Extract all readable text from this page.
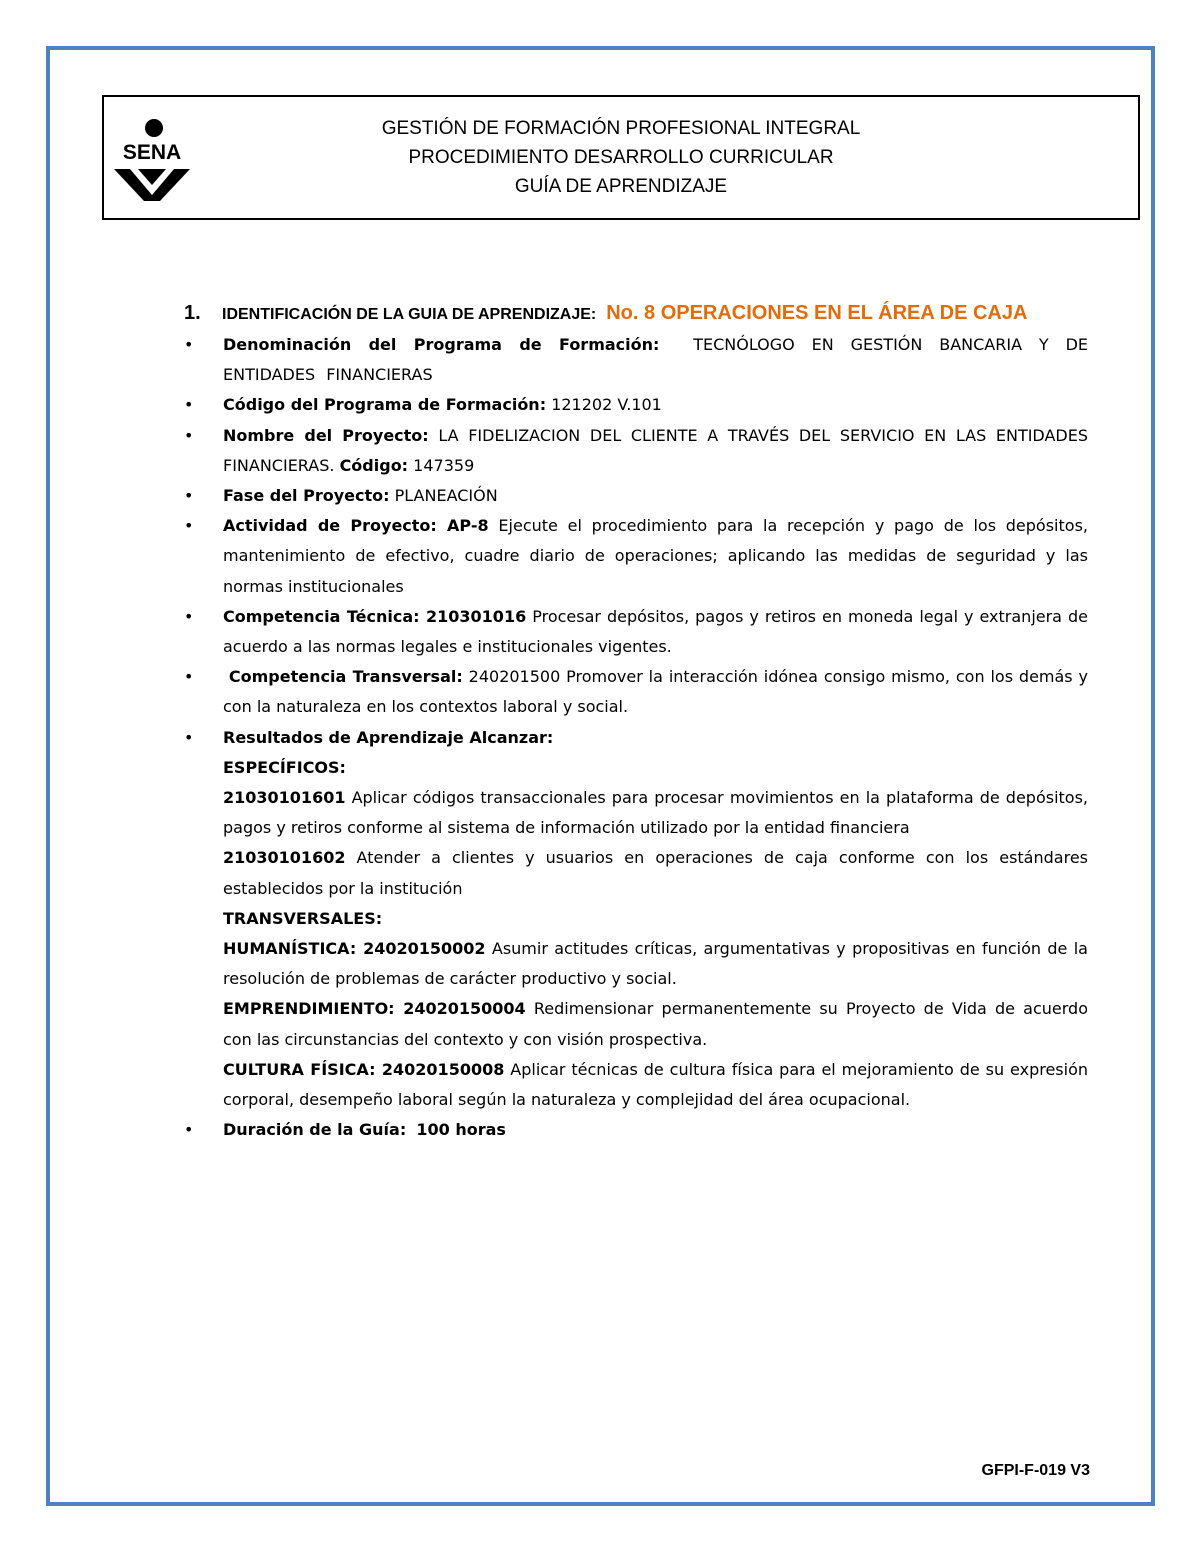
SENA
GESTIÓN DE FORMACIÓN PROFESIONAL INTEGRAL
PROCEDIMIENTO DESARROLLO CURRICULAR
GUÍA DE APRENDIZAJE
1. IDENTIFICACIÓN DE LA GUIA DE APRENDIZAJE: No. 8 OPERACIONES EN EL ÁREA DE CAJA
• Denominación del Programa de Formación: TECNÓLOGO EN GESTIÓN BANCARIA Y DE ENTIDADES FINANCIERAS
• Código del Programa de Formación: 121202 V.101
• Nombre del Proyecto: LA FIDELIZACION DEL CLIENTE A TRAVÉS DEL SERVICIO EN LAS ENTIDADES FINANCIERAS. Código: 147359
• Fase del Proyecto: PLANEACIÓN
• Actividad de Proyecto: AP-8 Ejecute el procedimiento para la recepción y pago de los depósitos, mantenimiento de efectivo, cuadre diario de operaciones; aplicando las medidas de seguridad y las normas institucionales
• Competencia Técnica: 210301016 Procesar depósitos, pagos y retiros en moneda legal y extranjera de acuerdo a las normas legales e institucionales vigentes.
• Competencia Transversal: 240201500 Promover la interacción idónea consigo mismo, con los demás y con la naturaleza en los contextos laboral y social.
• Resultados de Aprendizaje Alcanzar:
ESPECÍFICOS:
21030101601 Aplicar códigos transaccionales para procesar movimientos en la plataforma de depósitos, pagos y retiros conforme al sistema de información utilizado por la entidad financiera
21030101602 Atender a clientes y usuarios en operaciones de caja conforme con los estándares establecidos por la institución
TRANSVERSALES:
HUMANÍSTICA: 24020150002 Asumir actitudes críticas, argumentativas y propositivas en función de la resolución de problemas de carácter productivo y social.
EMPRENDIMIENTO: 24020150004 Redimensionar permanentemente su Proyecto de Vida de acuerdo con las circunstancias del contexto y con visión prospectiva.
CULTURA FÍSICA: 24020150008 Aplicar técnicas de cultura física para el mejoramiento de su expresión corporal, desempeño laboral según la naturaleza y complejidad del área ocupacional.
• Duración de la Guía: 100 horas
GFPI-F-019 V3
